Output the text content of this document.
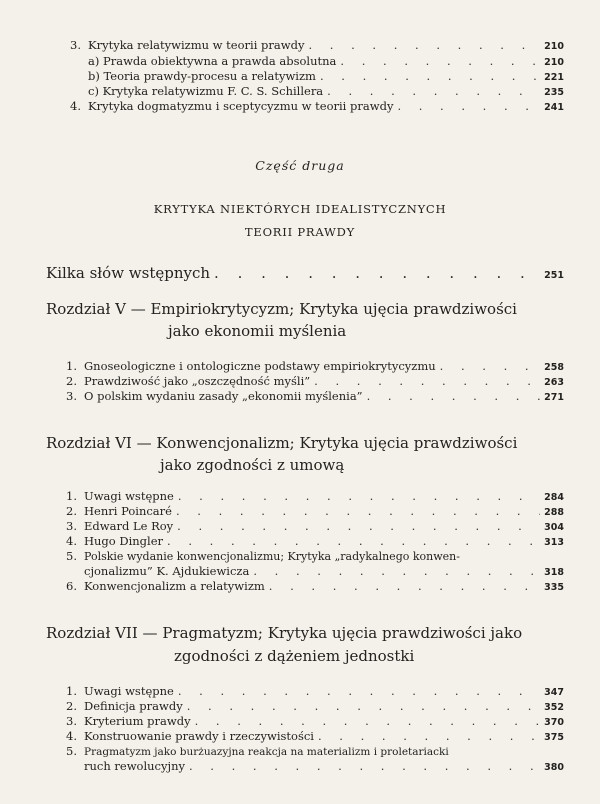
3. Krytyka relatywizmu w teorii prawdy . . .	210
a) Prawda obiektywna a prawda absolutna . . .	210
b) Teoria prawdy-procesu a relatywizm . . .	221
c) Krytyka relatywizmu F. C. S. Schillera . . .	235
4. Krytyka dogmatyzmu i sceptycyzmu w teorii prawdy . . .	241
Część druga
KRYTYKA NIEKTÓRYCH IDEALISTYCZNYCH
TEORII PRAWDY
Kilka słów wstępnych . . .	251
Rozdział V — Empiriokrytycyzm; Krytyka ujęcia prawdziwości
jako ekonomii myślenia
1. Gnoseologiczne i ontologiczne podstawy empiriokrytycyzmu . . .	258
2. Prawdziwość jako „oszczędność myśli” . . .	263
3. O polskim wydaniu zasady „ekonomii myślenia” . . .	271
Rozdział VI — Konwencjonalizm; Krytyka ujęcia prawdziwości
jako zgodności z umową
1. Uwagi wstępne . . .	284
2. Henri Poincaré . . .	288
3. Edward Le Roy . . .	304
4. Hugo Dingler . . .	313
5. Polskie wydanie konwencjonalizmu; Krytyka „radykalnego konwen-
cjonalizmu” K. Ajdukiewicza . . .	318
6. Konwencjonalizm a relatywizm . . .	335
Rozdział VII — Pragmatyzm; Krytyka ujęcia prawdziwości jako
zgodności z dążeniem jednostki
1. Uwagi wstępne . . .	347
2. Definicja prawdy . . .	352
3. Kryterium prawdy . . .	370
4. Konstruowanie prawdy i rzeczywistości . . .	375
5. Pragmatyzm jako burżuazyjna reakcja na materializm i proletariacki
ruch rewolucyjny . . .	380
